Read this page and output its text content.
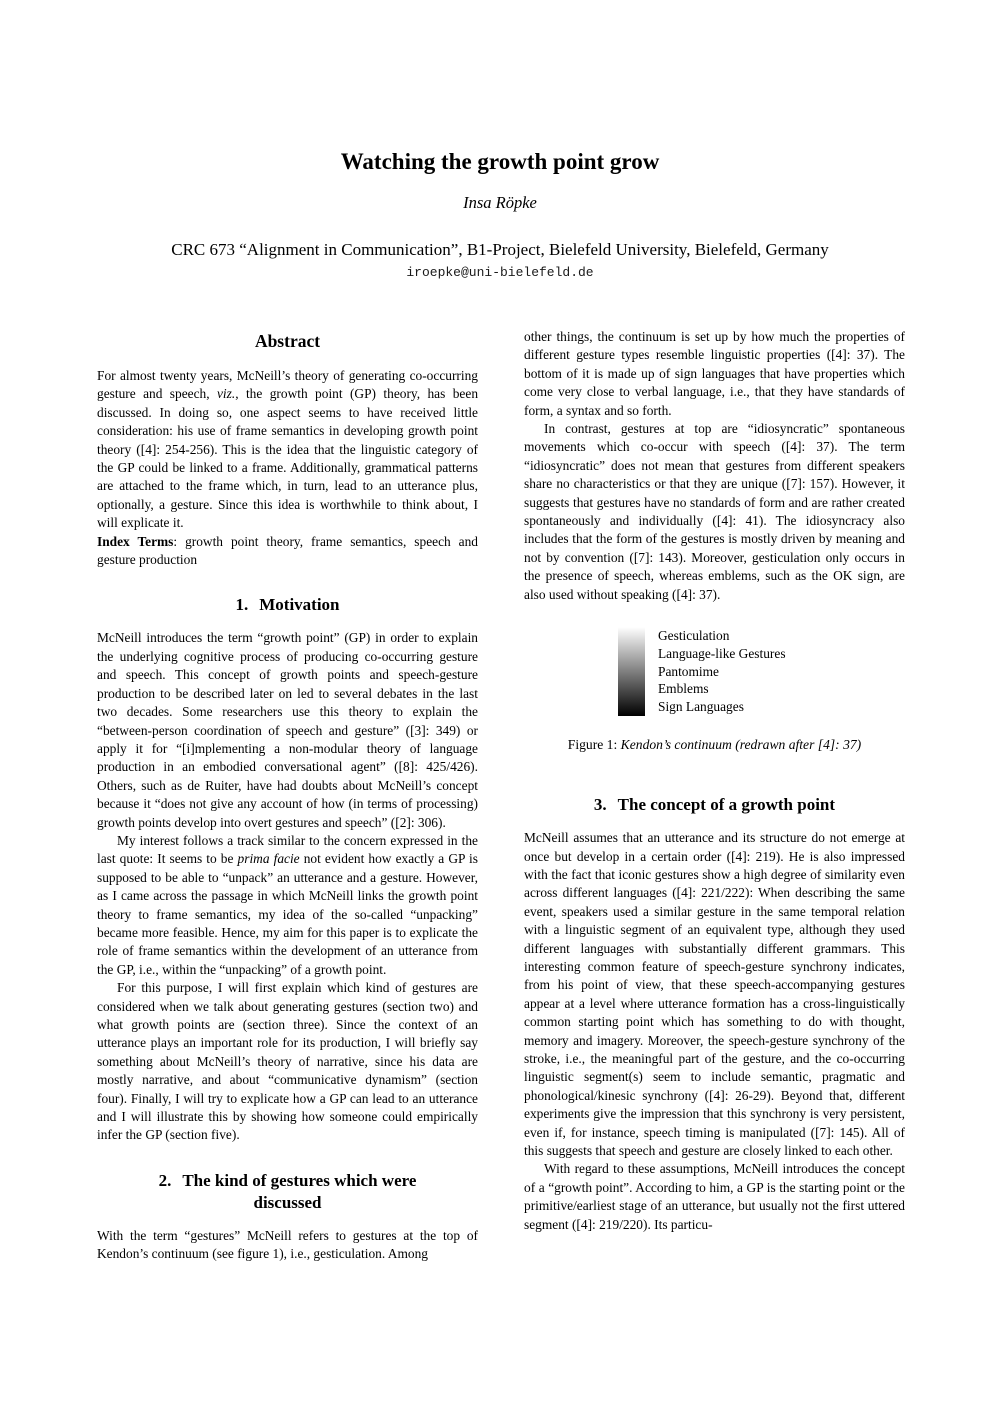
Watching the growth point grow
Insa Röpke
CRC 673 “Alignment in Communication”, B1-Project, Bielefeld University, Bielefeld, Germany
iroepke@uni-bielefeld.de
Abstract

For almost twenty years, McNeill’s theory of generating co-occurring gesture and speech, viz., the growth point (GP) theory, has been discussed. In doing so, one aspect seems to have received little consideration: his use of frame semantics in developing growth point theory ([4]: 254-256). This is the idea that the linguistic category of the GP could be linked to a frame. Additionally, grammatical patterns are attached to the frame which, in turn, lead to an utterance plus, optionally, a gesture. Since this idea is worthwhile to think about, I will explicate it.

Index Terms: growth point theory, frame semantics, speech and gesture production

1. Motivation

McNeill introduces the term “growth point” (GP) in order to explain the underlying cognitive process of producing co-occurring gesture and speech. This concept of growth points and speech-gesture production to be described later on led to several debates in the last two decades. Some researchers use this theory to explain the “between-person coordination of speech and gesture” ([3]: 349) or apply it for “[i]mplementing a non-modular theory of language production in an embodied conversational agent” ([8]: 425/426). Others, such as de Ruiter, have had doubts about McNeill’s concept because it “does not give any account of how (in terms of processing) growth points develop into overt gestures and speech” ([2]: 306).

My interest follows a track similar to the concern expressed in the last quote: It seems to be prima facie not evident how exactly a GP is supposed to be able to “unpack” an utterance and a gesture. However, as I came across the passage in which McNeill links the growth point theory to frame semantics, my idea of the so-called “unpacking” became more feasible. Hence, my aim for this paper is to explicate the role of frame semantics within the development of an utterance from the GP, i.e., within the “unpacking” of a growth point.

For this purpose, I will first explain which kind of gestures are considered when we talk about generating gestures (section two) and what growth points are (section three). Since the context of an utterance plays an important role for its production, I will briefly say something about McNeill’s theory of narrative, since his data are mostly narrative, and about “communicative dynamism” (section four). Finally, I will try to explicate how a GP can lead to an utterance and I will illustrate this by showing how someone could empirically infer the GP (section five).

2. The kind of gestures which were discussed

With the term “gestures” McNeill refers to gestures at the top of Kendon’s continuum (see figure 1), i.e., gesticulation. Among

other things, the continuum is set up by how much the properties of different gesture types resemble linguistic properties ([4]: 37). The bottom of it is made up of sign languages that have properties which come very close to verbal language, i.e., that they have standards of form, a syntax and so forth.

In contrast, gestures at top are “idiosyncratic” spontaneous movements which co-occur with speech ([4]: 37). The term “idiosyncratic” does not mean that gestures from different speakers share no characteristics or that they are unique ([7]: 157). However, it suggests that gestures have no standards of form and are rather created spontaneously and individually ([4]: 41). The idiosyncracy also includes that the form of the gestures is mostly driven by meaning and not by convention ([7]: 143). Moreover, gesticulation only occurs in the presence of speech, whereas emblems, such as the OK sign, are also used without speaking ([4]: 37).

Gesticulation
Language-like Gestures
Pantomime
Emblems
Sign Languages
Figure 1: Kendon’s continuum (redrawn after [4]: 37)
3. The concept of a growth point

McNeill assumes that an utterance and its structure do not emerge at once but develop in a certain order ([4]: 219). He is also impressed with the fact that iconic gestures show a high degree of similarity even across different languages ([4]: 221/222): When describing the same event, speakers used a similar gesture in the same temporal relation with a linguistic segment of an equivalent type, although they used different languages with substantially different grammars. This interesting common feature of speech-gesture synchrony indicates, from his point of view, that these speech-accompanying gestures appear at a level where utterance formation has a cross-linguistically common starting point which has something to do with thought, memory and imagery. Moreover, the speech-gesture synchrony of the stroke, i.e., the meaningful part of the gesture, and the co-occurring linguistic segment(s) seem to include semantic, pragmatic and phonological/kinesic synchrony ([4]: 26-29). Beyond that, different experiments give the impression that this synchrony is very persistent, even if, for instance, speech timing is manipulated ([7]: 145). All of this suggests that speech and gesture are closely linked to each other.

With regard to these assumptions, McNeill introduces the concept of a “growth point”. According to him, a GP is the starting point or the primitive/earliest stage of an utterance, but usually not the first uttered segment ([4]: 219/220). Its particu-
